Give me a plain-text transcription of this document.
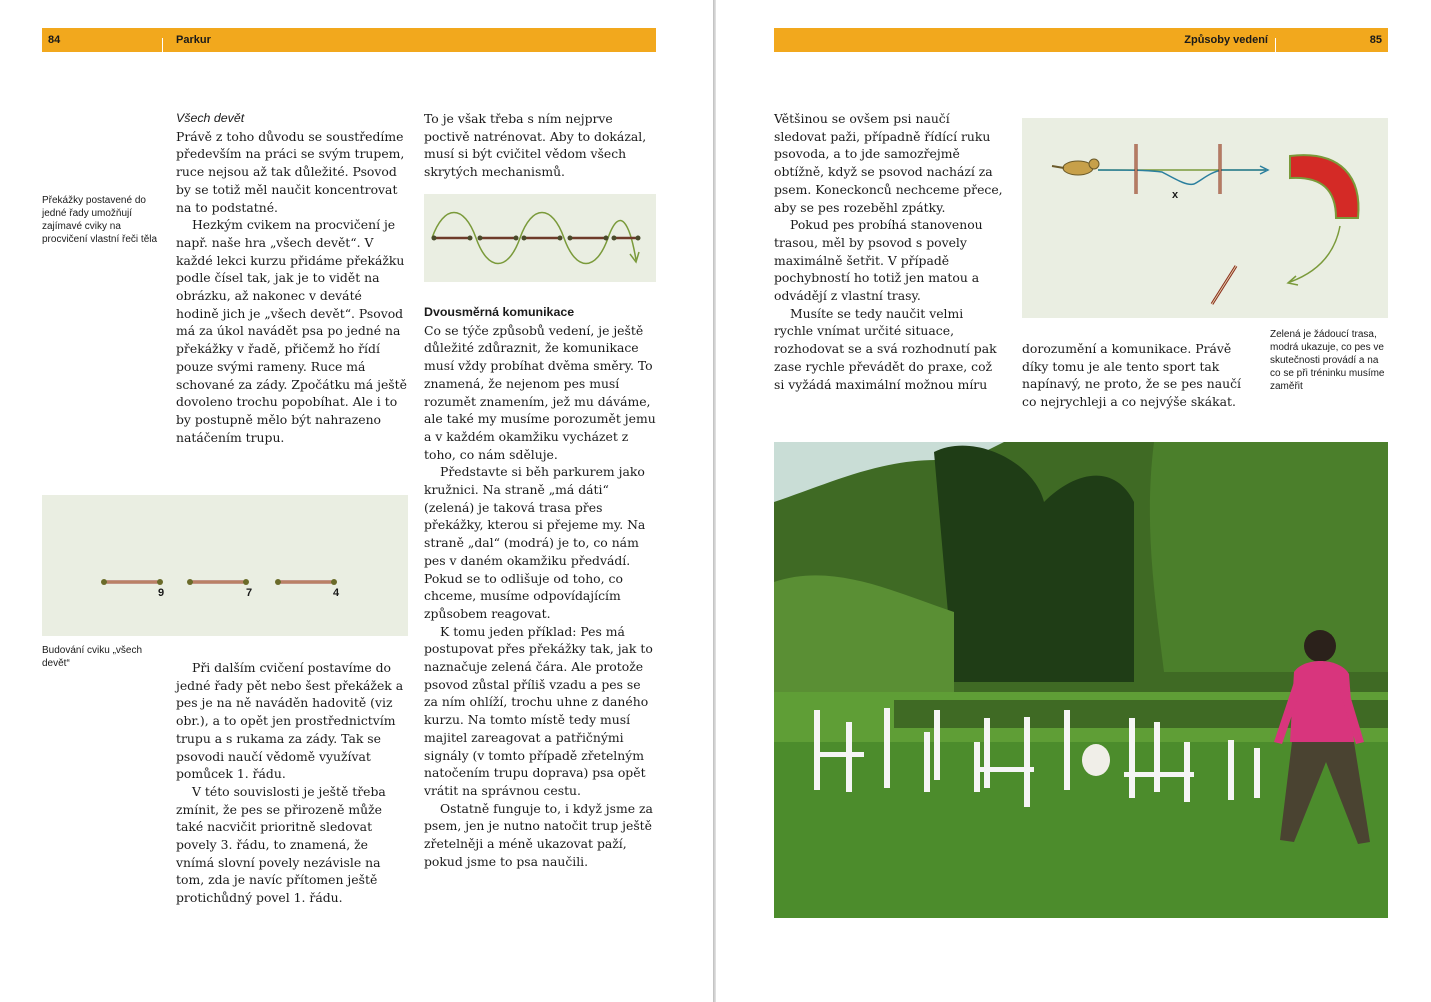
84	Parkur	Způsoby vedení	85
Překážky postavené do jedné řady umožňují zajímavé cviky na procvičení vlastní řeči těla
Všech devět

Právě z toho důvodu se soustředíme především na práci se svým trupem, ruce nejsou až tak důležité. Psovod by se totiž měl naučit koncentrovat na to podstatné.

Hezkým cvikem na procvičení je např. naše hra „všech devět“. V každé lekci kurzu přidáme překážku podle čísel tak, jak je to vidět na obrázku, až nakonec v deváté hodině jich je „všech devět“. Psovod má za úkol navádět psa po jedné na překážky v řadě, přičemž ho řídí pouze svými rameny. Ruce má schované za zády. Zpočátku má ještě dovoleno trochu popobíhat. Ale i to by postupně mělo být nahrazeno natáčením trupu.

9	7	4
Budování cviku „všech devět“	Při dalším cvičení postavíme do jedné řady pět nebo šest překážek a pes je na ně naváděn hadovitě (viz obr.), a to opět jen prostřednictvím trupu a s rukama za zády. Tak se psovodi naučí vědomě využívat pomůcek 1. řádu.

V této souvislosti je ještě třeba zmínit, že pes se přirozeně může také nacvičit prioritně sledovat povely 3. řádu, to znamená, že vnímá slovní povely nezávisle na tom, zda je navíc přítomen ještě protichůdný povel 1. řádu.

To je však třeba s ním nejprve poctivě natrénovat. Aby to dokázal, musí si být cvičitel vědom všech skrytých mechanismů.

Dvousměrná komunikace

Co se týče způsobů vedení, je ještě důležité zdůraznit, že komunikace musí vždy probíhat dvěma směry. To znamená, že nejenom pes musí rozumět znamením, jež mu dáváme, ale také my musíme porozumět jemu a v každém okamžiku vycházet z toho, co nám sděluje.

Představte si běh parkurem jako kružnici. Na straně „má dáti“ (zelená) je taková trasa přes překážky, kterou si přejeme my. Na straně „dal“ (modrá) je to, co nám pes v daném okamžiku předvádí. Pokud se to odlišuje od toho, co chceme, musíme odpovídajícím způsobem reagovat.

K tomu jeden příklad: Pes má postupovat přes překážky tak, jak to naznačuje zelená čára. Ale protože psovod zůstal příliš vzadu a pes se za ním ohlíží, trochu uhne z daného kurzu. Na tomto místě tedy musí majitel zareagovat a patřičnými signály (v tomto případě zřetelným natočením trupu doprava) psa opět vrátit na správnou cestu.

Ostatně funguje to, i když jsme za psem, jen je nutno natočit trup ještě zřetelněji a méně ukazovat paží, pokud jsme to psa naučili.

Většinou se ovšem psi naučí sledovat paži, případně řídící ruku psovoda, a to jde samozřejmě obtížně, když se psovod nachází za psem. Koneckonců nechceme přece, aby se pes rozeběhl zpátky.

Pokud pes probíhá stanovenou trasou, měl by psovod s povely maximálně šetřit. V případě pochybností ho totiž jen matou a odvádějí z vlastní trasy.

Musíte se tedy naučit velmi rychle vnímat určité situace, rozhodovat se a svá rozhodnutí pak zase rychle převádět do praxe, což si vyžádá maximální možnou míru

x
Zelená je žádoucí trasa, modrá ukazuje, co pes ve skutečnosti provádí a na co se při tréninku musíme zaměřit

dorozumění a komunikace. Právě díky tomu je ale tento sport tak napínavý, ne proto, že se pes naučí co nejrychleji a co nejvýše skákat.
